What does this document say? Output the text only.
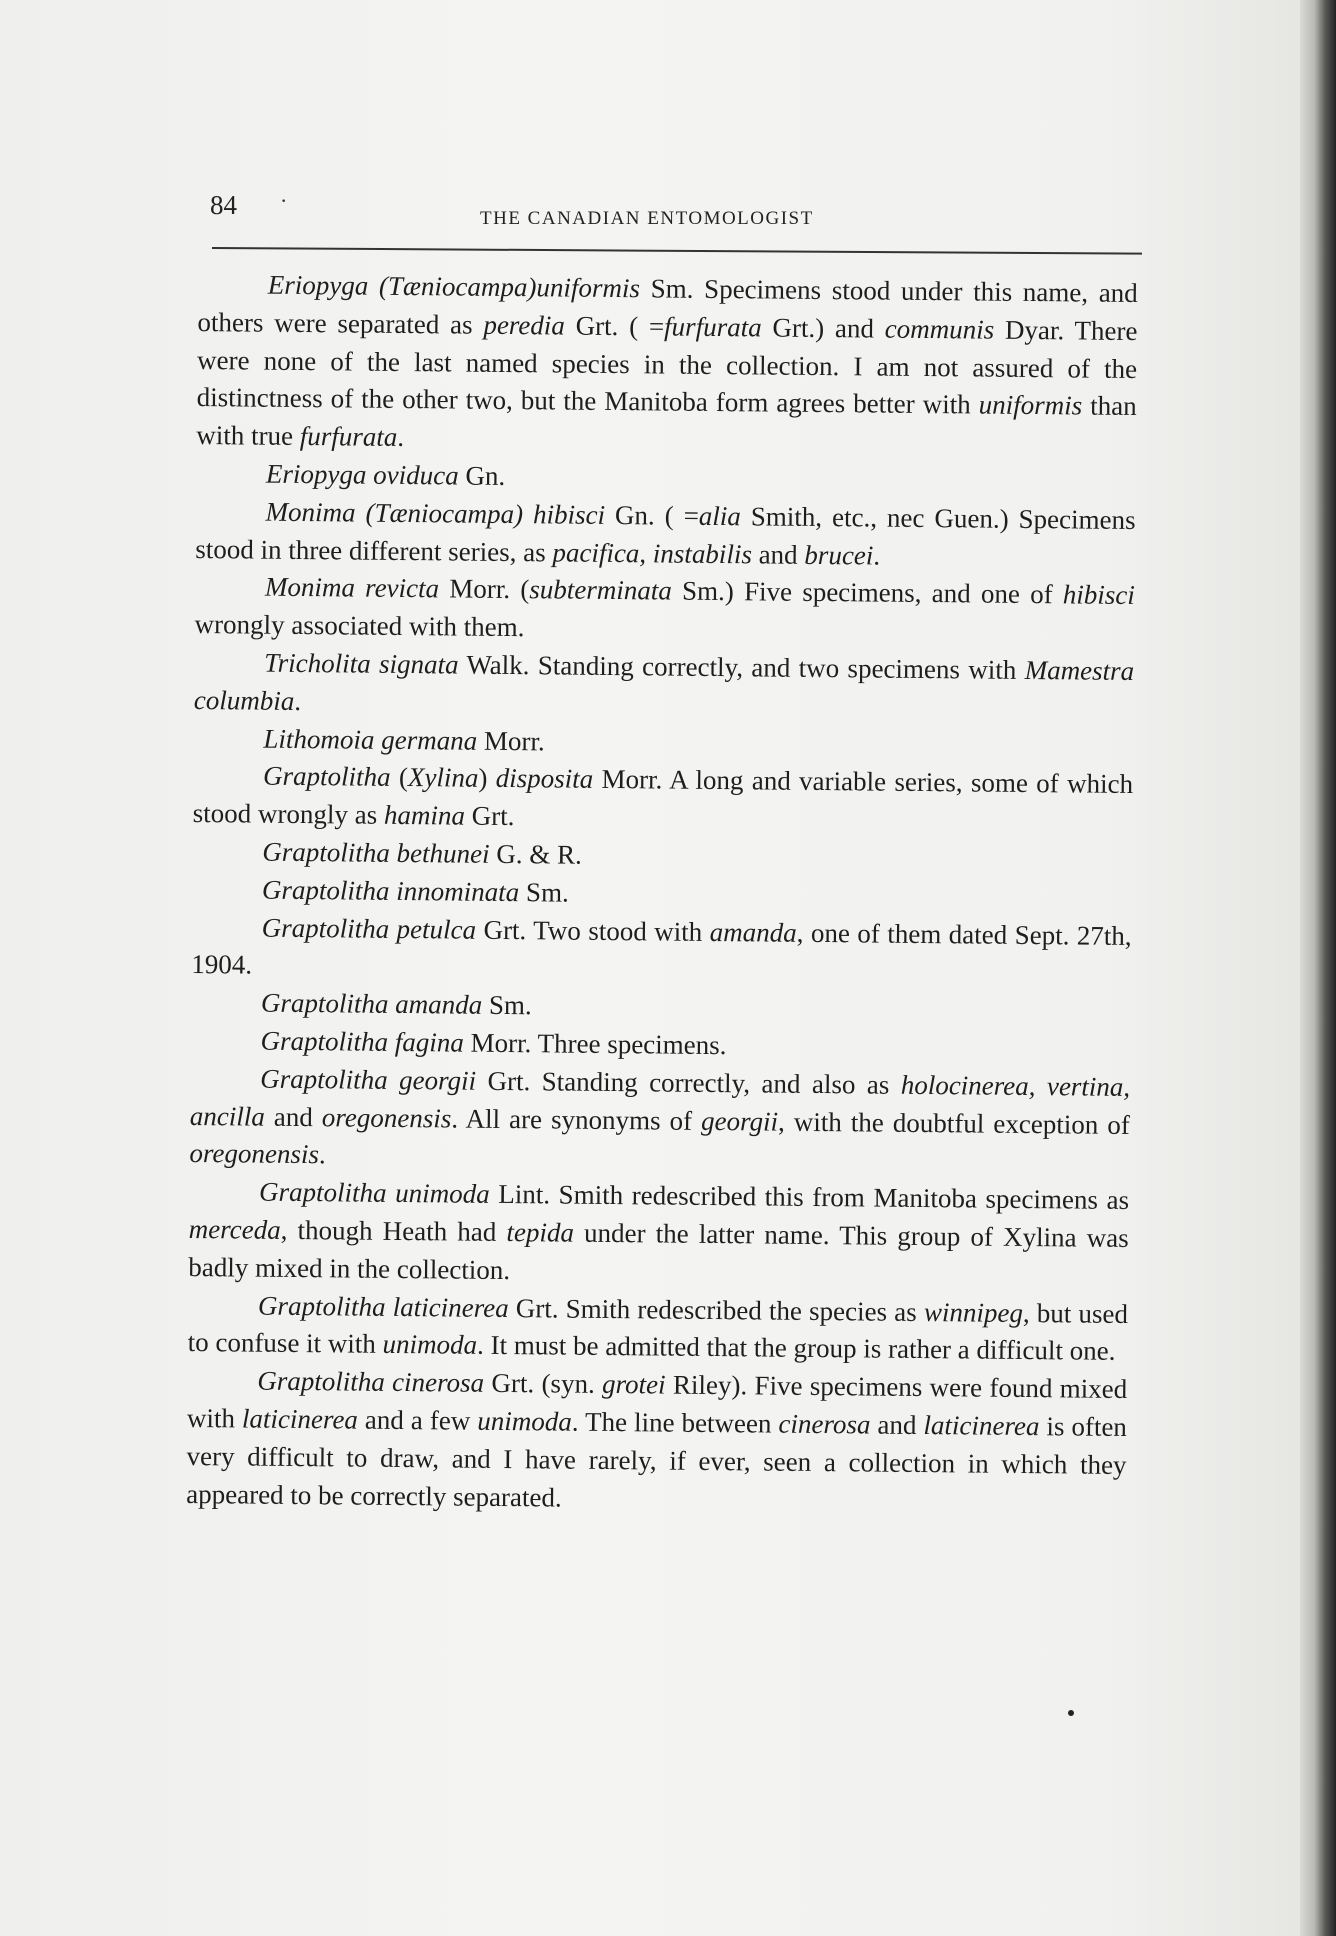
84 ·
THE CANADIAN ENTOMOLOGIST

Eriopyga (Tæniocampa)uniformis Sm. Specimens stood under this name, and others were separated as peredia Grt. ( =furfurata Grt.) and communis Dyar. There were none of the last named species in the collection. I am not assured of the distinctness of the other two, but the Manitoba form agrees better with uniformis than with true furfurata.

Eriopyga oviduca Gn.

Monima (Tæniocampa) hibisci Gn. ( =alia Smith, etc., nec Guen.) Specimens stood in three different series, as pacifica, instabilis and brucei.

Monima revicta Morr. (subterminata Sm.) Five specimens, and one of hibisci wrongly associated with them.

Tricholita signata Walk. Standing correctly, and two specimens with Mamestra columbia.

Lithomoia germana Morr.

Graptolitha (Xylina) disposita Morr. A long and variable series, some of which stood wrongly as hamina Grt.

Graptolitha bethunei G. & R.

Graptolitha innominata Sm.

Graptolitha petulca Grt. Two stood with amanda, one of them dated Sept. 27th, 1904.

Graptolitha amanda Sm.

Graptolitha fagina Morr. Three specimens.

Graptolitha georgii Grt. Standing correctly, and also as holocinerea, vertina, ancilla and oregonensis. All are synonyms of georgii, with the doubtful exception of oregonensis.

Graptolitha unimoda Lint. Smith redescribed this from Manitoba specimens as merceda, though Heath had tepida under the latter name. This group of Xylina was badly mixed in the collection.

Graptolitha laticinerea Grt. Smith redescribed the species as winnipeg, but used to confuse it with unimoda. It must be admitted that the group is rather a difficult one.

Graptolitha cinerosa Grt. (syn. grotei Riley). Five specimens were found mixed with laticinerea and a few unimoda. The line between cinerosa and laticinerea is often very difficult to draw, and I have rarely, if ever, seen a collection in which they appeared to be correctly separated.
